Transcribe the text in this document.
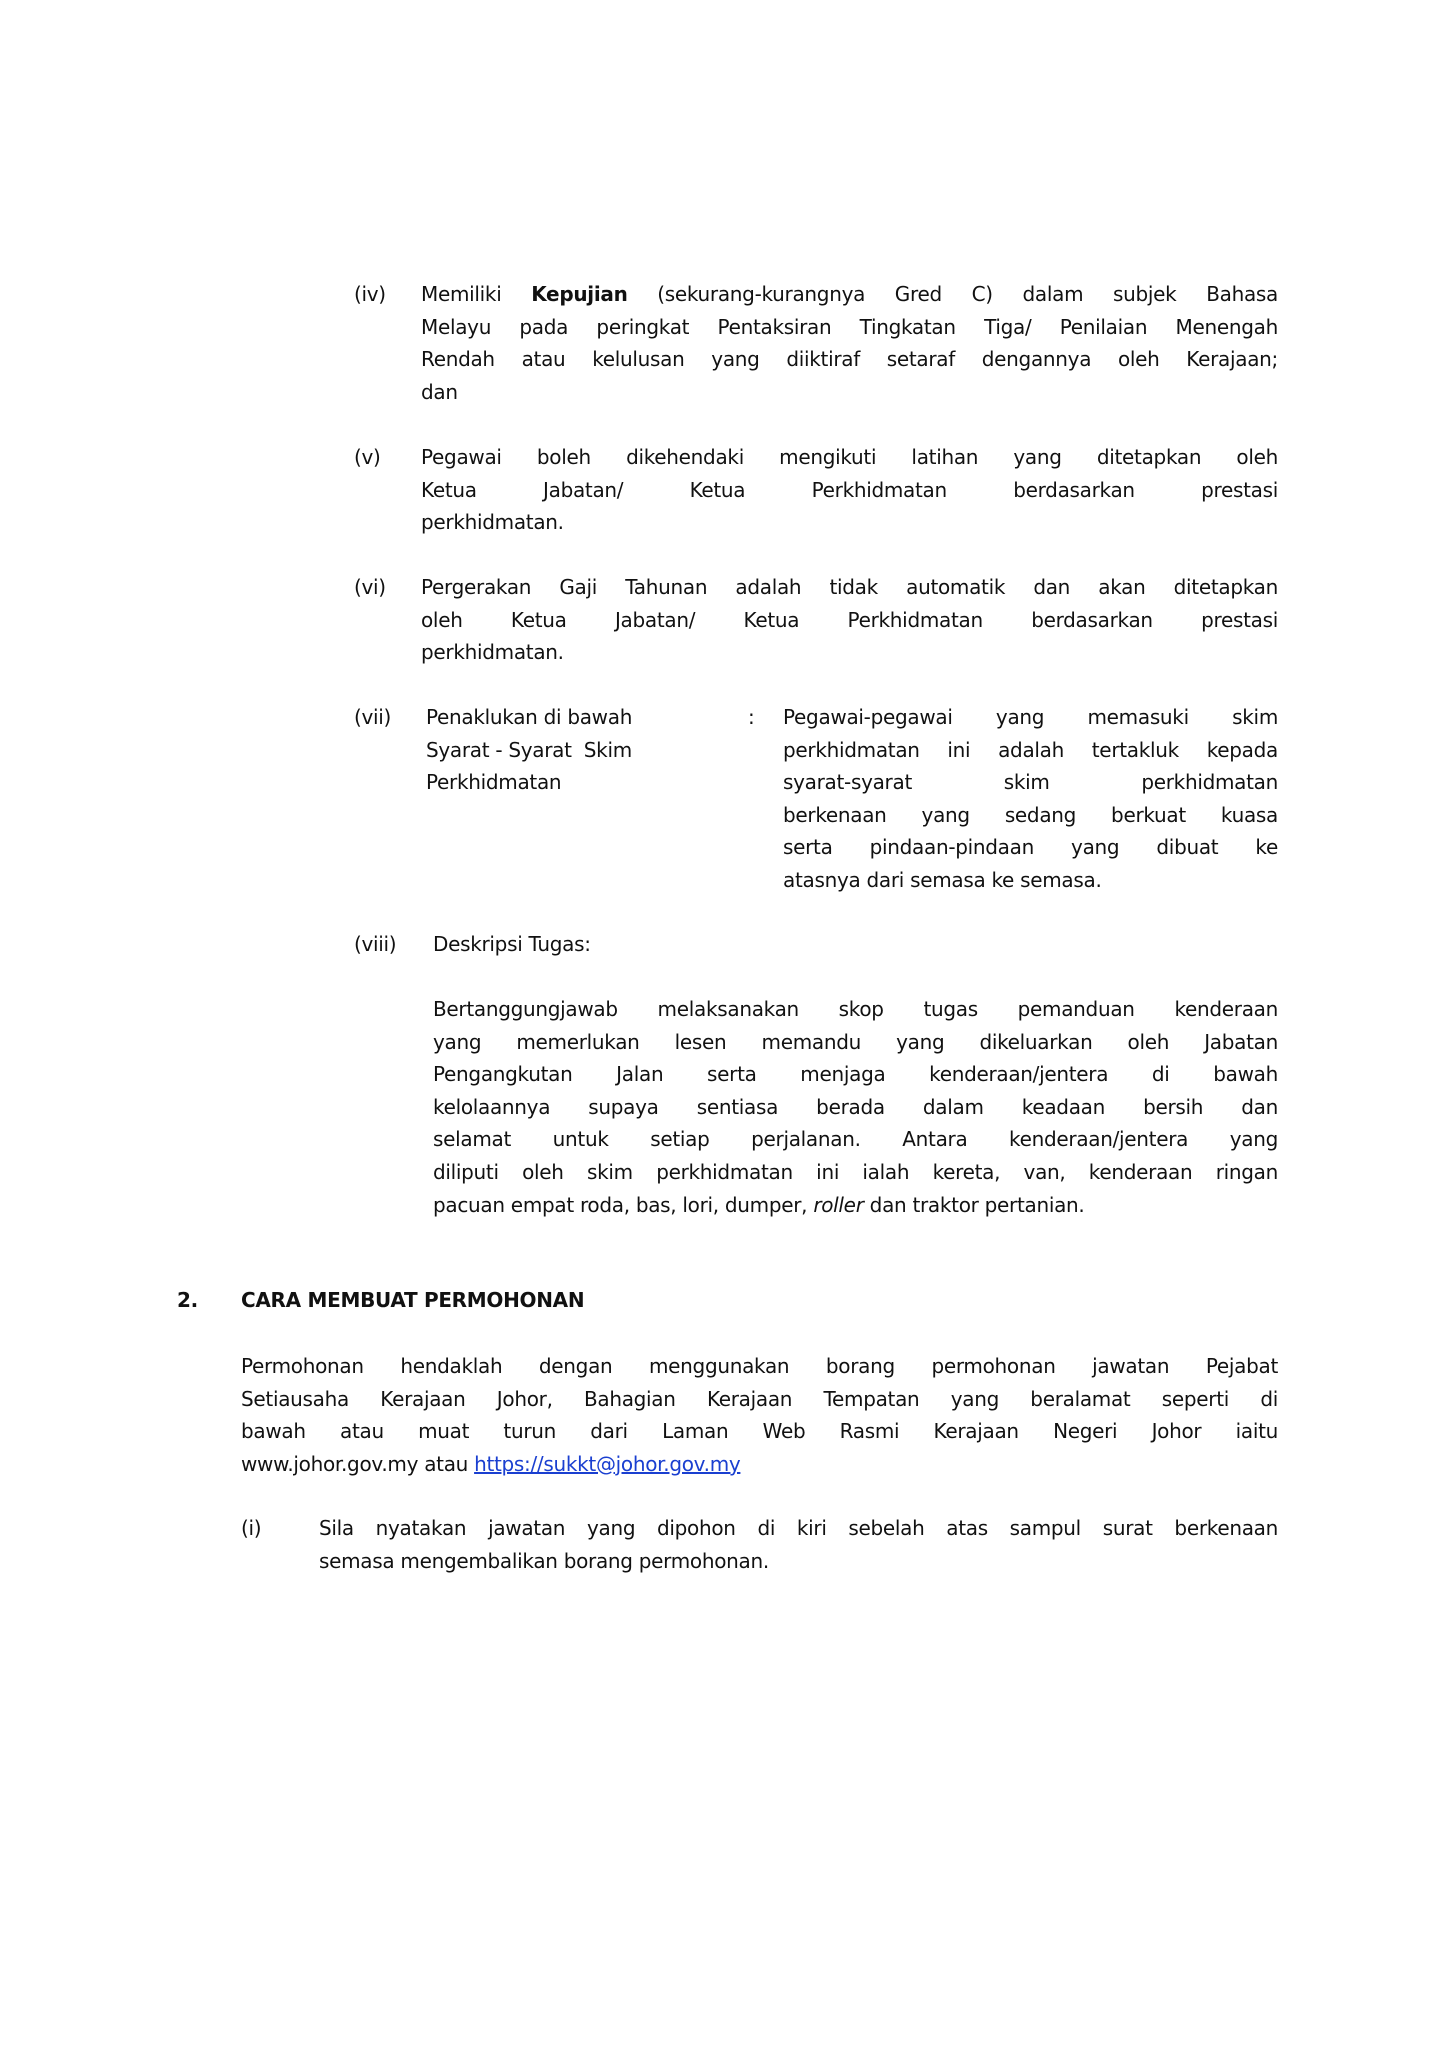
(iv) Memiliki Kepujian (sekurang-kurangnya Gred C) dalam subjek Bahasa
Melayu pada peringkat Pentaksiran Tingkatan Tiga/ Penilaian Menengah
Rendah atau kelulusan yang diiktiraf setaraf dengannya oleh Kerajaan;
dan
(v) Pegawai boleh dikehendaki mengikuti latihan yang ditetapkan oleh
Ketua Jabatan/ Ketua Perkhidmatan berdasarkan prestasi
perkhidmatan.
(vi) Pergerakan Gaji Tahunan adalah tidak automatik dan akan ditetapkan
oleh Ketua Jabatan/ Ketua Perkhidmatan berdasarkan prestasi
perkhidmatan.
(vii) Penaklukan di bawah
Syarat - Syarat  Skim
Perkhidmatan
: Pegawai-pegawai yang memasuki skim
perkhidmatan ini adalah tertakluk kepada
syarat-syarat skim perkhidmatan
berkenaan yang sedang berkuat kuasa
serta pindaan-pindaan yang dibuat ke
atasnya dari semasa ke semasa.
(viii) Deskripsi Tugas:
Bertanggungjawab melaksanakan skop tugas pemanduan kenderaan
yang memerlukan lesen memandu yang dikeluarkan oleh Jabatan
Pengangkutan Jalan serta menjaga kenderaan/jentera di bawah
kelolaannya supaya sentiasa berada dalam keadaan bersih dan
selamat untuk setiap perjalanan. Antara kenderaan/jentera yang
diliputi oleh skim perkhidmatan ini ialah kereta, van, kenderaan ringan
pacuan empat roda, bas, lori, dumper, roller dan traktor pertanian.
2. CARA MEMBUAT PERMOHONAN
Permohonan hendaklah dengan menggunakan borang permohonan jawatan Pejabat
Setiausaha Kerajaan Johor, Bahagian Kerajaan Tempatan yang beralamat seperti di
bawah atau muat turun dari Laman Web Rasmi Kerajaan Negeri Johor iaitu
www.johor.gov.my atau https://sukkt@johor.gov.my
(i)	Sila nyatakan jawatan yang dipohon di kiri sebelah atas sampul surat berkenaan
semasa mengembalikan borang permohonan.
